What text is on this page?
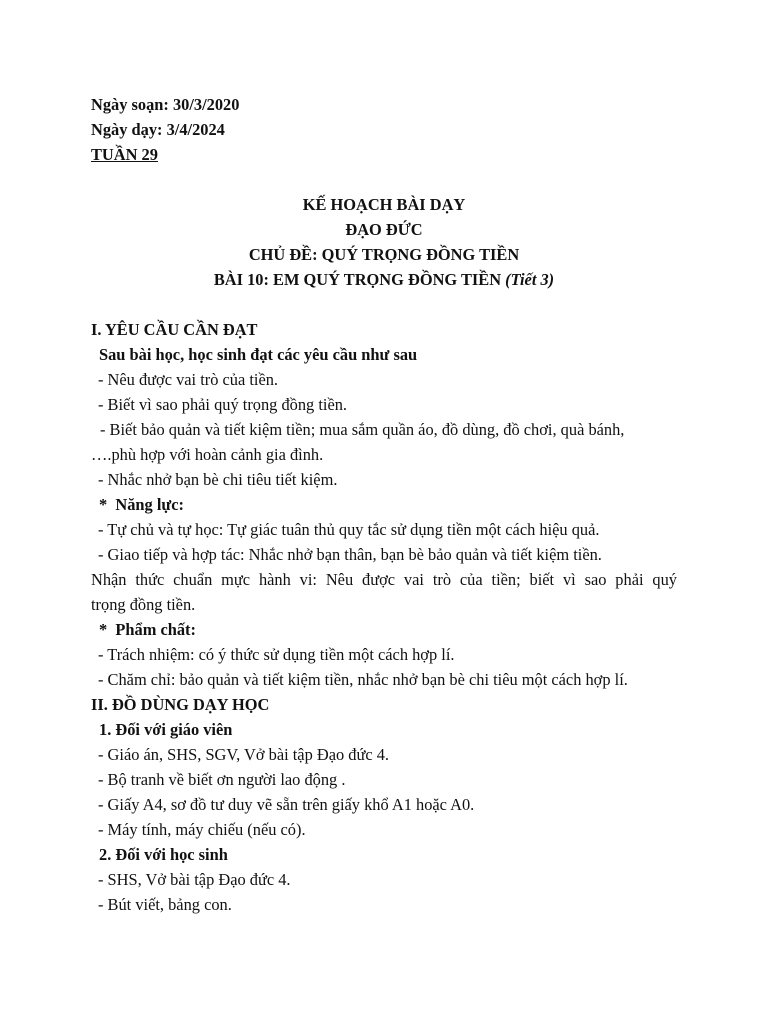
Ngày soạn: 30/3/2020
Ngày dạy: 3/4/2024
TUẦN 29
KẾ HOẠCH BÀI DẠY
ĐẠO ĐỨC
CHỦ ĐỀ: QUÝ TRỌNG ĐỒNG TIỀN
BÀI 10: EM QUÝ TRỌNG ĐỒNG TIỀN (Tiết 3)
I. YÊU CẦU CẦN ĐẠT
Sau bài học, học sinh đạt các yêu cầu như sau
- Nêu được vai trò của tiền.
- Biết vì sao phải quý trọng đồng tiền.
- Biết bảo quản và tiết kiệm tiền; mua sắm quần áo, đồ dùng, đồ chơi, quà bánh,
….phù hợp với hoàn cảnh gia đình.
- Nhắc nhở bạn bè chi tiêu tiết kiệm.
*  Năng lực:
- Tự chủ và tự học: Tự giác tuân thủ quy tắc sử dụng tiền một cách hiệu quả.
- Giao tiếp và hợp tác: Nhắc nhở bạn thân, bạn bè bảo quản và tiết kiệm tiền.
Nhận thức chuẩn mực hành vi: Nêu được vai trò của tiền; biết vì sao phải quý
trọng đồng tiền.
*  Phẩm chất:
- Trách nhiệm: có ý thức sử dụng tiền một cách hợp lí.
- Chăm chỉ: bảo quản và tiết kiệm tiền, nhắc nhở bạn bè chi tiêu một cách hợp lí.
II. ĐỒ DÙNG DẠY HỌC
1. Đối với giáo viên
- Giáo án, SHS, SGV, Vở bài tập Đạo đức 4.
- Bộ tranh về biết ơn người lao động .
- Giấy A4, sơ đồ tư duy vẽ sẵn trên giấy khổ A1 hoặc A0.
- Máy tính, máy chiếu (nếu có).
2. Đối với học sinh
- SHS, Vở bài tập Đạo đức 4.
- Bút viết, bảng con.
